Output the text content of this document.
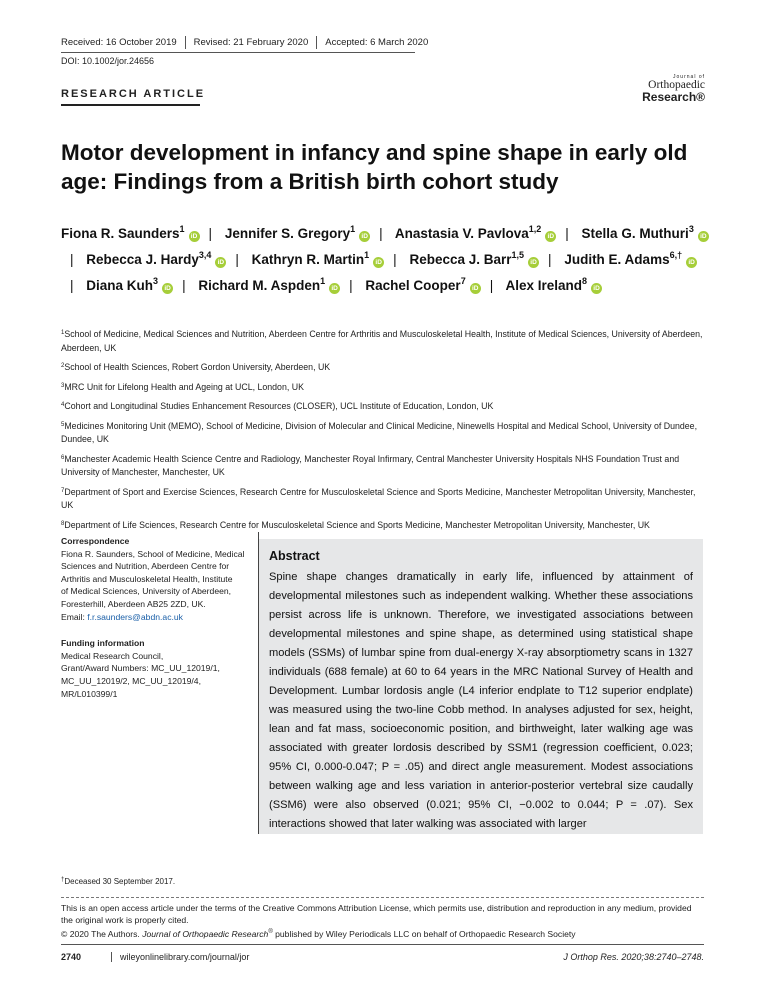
Received: 16 October 2019	Revised: 21 February 2020	Accepted: 6 March 2020
DOI: 10.1002/jor.24656
RESEARCH ARTICLE
Journal of
Orthopaedic
Research®
Motor development in infancy and spine shape in early old age: Findings from a British birth cohort study
Fiona R. Saunders$^1$iD | Jennifer S. Gregory$^1$iD | Anastasia V. Pavlova$^{1,2}$iD | Stella G. Muthuri$^3$iD| Rebecca J. Hardy$^{3,4}$iD | Kathryn R. Martin$^1$iD | Rebecca J. Barr$^{1,5}$iD | Judith E. Adams$^{6,\dagger}$iD| Diana Kuh$^3$iD | Richard M. Aspden$^1$iD | Rachel Cooper$^7$iD | Alex Ireland$^8$iD
$^1$School of Medicine, Medical Sciences and Nutrition, Aberdeen Centre for Arthritis and Musculoskeletal Health, Institute of Medical Sciences, University of Aberdeen, Aberdeen, UK
$^2$School of Health Sciences, Robert Gordon University, Aberdeen, UK
$^3$MRC Unit for Lifelong Health and Ageing at UCL, London, UK
$^4$Cohort and Longitudinal Studies Enhancement Resources (CLOSER), UCL Institute of Education, London, UK
$^5$Medicines Monitoring Unit (MEMO), School of Medicine, Division of Molecular and Clinical Medicine, Ninewells Hospital and Medical School, University of Dundee, Dundee, UK
$^6$Manchester Academic Health Science Centre and Radiology, Manchester Royal Infirmary, Central Manchester University Hospitals NHS Foundation Trust and University of Manchester, Manchester, UK
$^7$Department of Sport and Exercise Sciences, Research Centre for Musculoskeletal Science and Sports Medicine, Manchester Metropolitan University, Manchester, UK
$^8$Department of Life Sciences, Research Centre for Musculoskeletal Science and Sports Medicine, Manchester Metropolitan University, Manchester, UK
Correspondence
Fiona R. Saunders, School of Medicine, Medical
Sciences and Nutrition, Aberdeen Centre for
Arthritis and Musculoskeletal Health, Institute
of Medical Sciences, University of Aberdeen,
Foresterhill, Aberdeen AB25 2ZD, UK.
Email: f.r.saunders@abdn.ac.uk
Funding information
Medical Research Council,
Grant/Award Numbers: MC_UU_12019/1,
MC_UU_12019/2, MC_UU_12019/4,
MR/L010399/1
Abstract

Spine shape changes dramatically in early life, influenced by attainment of developmental milestones such as independent walking. Whether these associations persist across life is unknown. Therefore, we investigated associations between developmental milestones and spine shape, as determined using statistical shape models (SSMs) of lumbar spine from dual-energy X-ray absorptiometry scans in 1327 individuals (688 female) at 60 to 64 years in the MRC National Survey of Health and Development. Lumbar lordosis angle (L4 inferior endplate to T12 superior endplate) was measured using the two-line Cobb method. In analyses adjusted for sex, height, lean and fat mass, socioeconomic position, and birthweight, later walking age was associated with greater lordosis described by SSM1 (regression coefficient, 0.023; 95% CI, 0.000-0.047; P = .05) and direct angle measurement. Modest associations between walking age and less variation in anterior-posterior vertebral size caudally (SSM6) were also observed (0.021; 95% CI, −0.002 to 0.044; P = .07). Sex interactions showed that later walking was associated with larger

†Deceased 30 September 2017.
This is an open access article under the terms of the Creative Commons Attribution License, which permits use, distribution and reproduction in any medium, provided the original work is properly cited.
© 2020 The Authors. Journal of Orthopaedic Research® published by Wiley Periodicals LLC on behalf of Orthopaedic Research Society
2740	wileyonlinelibrary.com/journal/jor	J Orthop Res. 2020;38:2740–2748.
